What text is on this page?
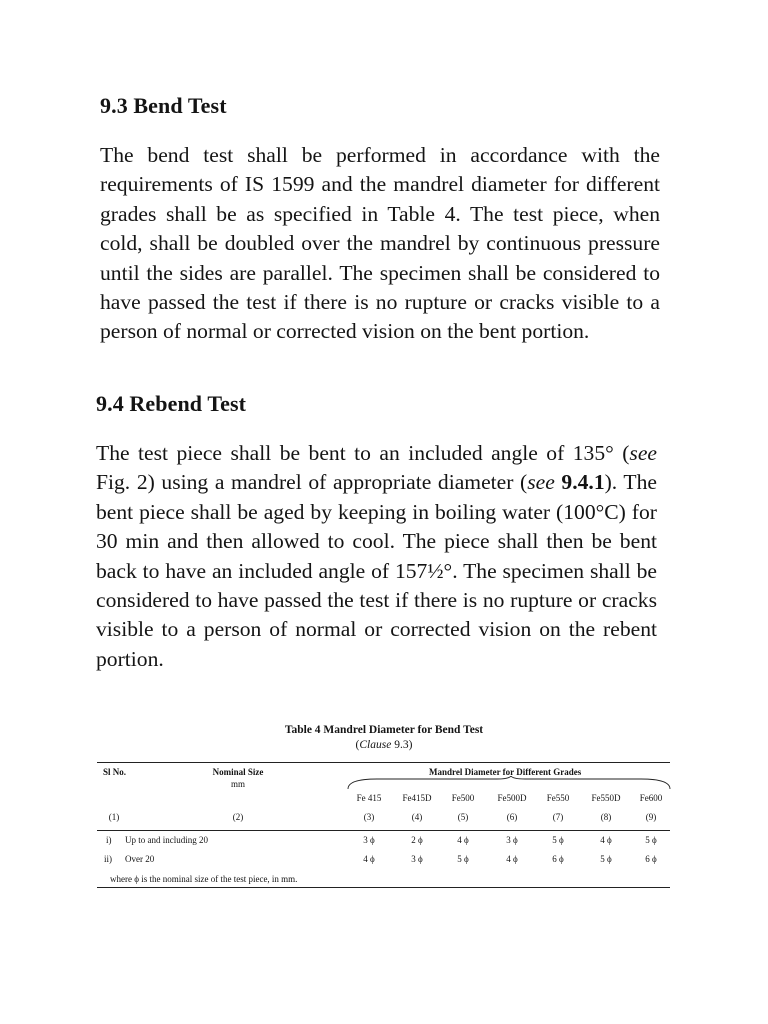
9.3 Bend Test

The bend test shall be performed in accordance with the requirements of IS 1599 and the mandrel diameter for different grades shall be as specified in Table 4. The test piece, when cold, shall be doubled over the mandrel by continuous pressure until the sides are parallel. The specimen shall be considered to have passed the test if there is no rupture or cracks visible to a person of normal or corrected vision on the bent portion.

9.4 Rebend Test

The test piece shall be bent to an included angle of 135° (see Fig. 2) using a mandrel of appropriate diameter (see 9.4.1). The bent piece shall be aged by keeping in boiling water (100°C) for 30 min and then allowed to cool. The piece shall then be bent back to have an included angle of 157½°. The specimen shall be considered to have passed the test if there is no rupture or cracks visible to a person of normal or corrected vision on the rebent portion.

Table 4 Mandrel Diameter for Bend Test
(Clause 9.3)
Sl No.	Nominal Size
mm
Mandrel Diameter for Different Grades
Fe 415	Fe415D	Fe500	Fe500D	Fe550	Fe550D	Fe600
(1)	(2)	(3)	(4)	(5)	(6)	(7)	(8)	(9)
i) Up to and including 20	3 ϕ	2 ϕ	4 ϕ	3 ϕ	5 ϕ	4 ϕ	5 ϕ
ii) Over 20	4 ϕ	3 ϕ	5 ϕ	4 ϕ	6 ϕ	5 ϕ	6 ϕ
where ϕ is the nominal size of the test piece, in mm.
